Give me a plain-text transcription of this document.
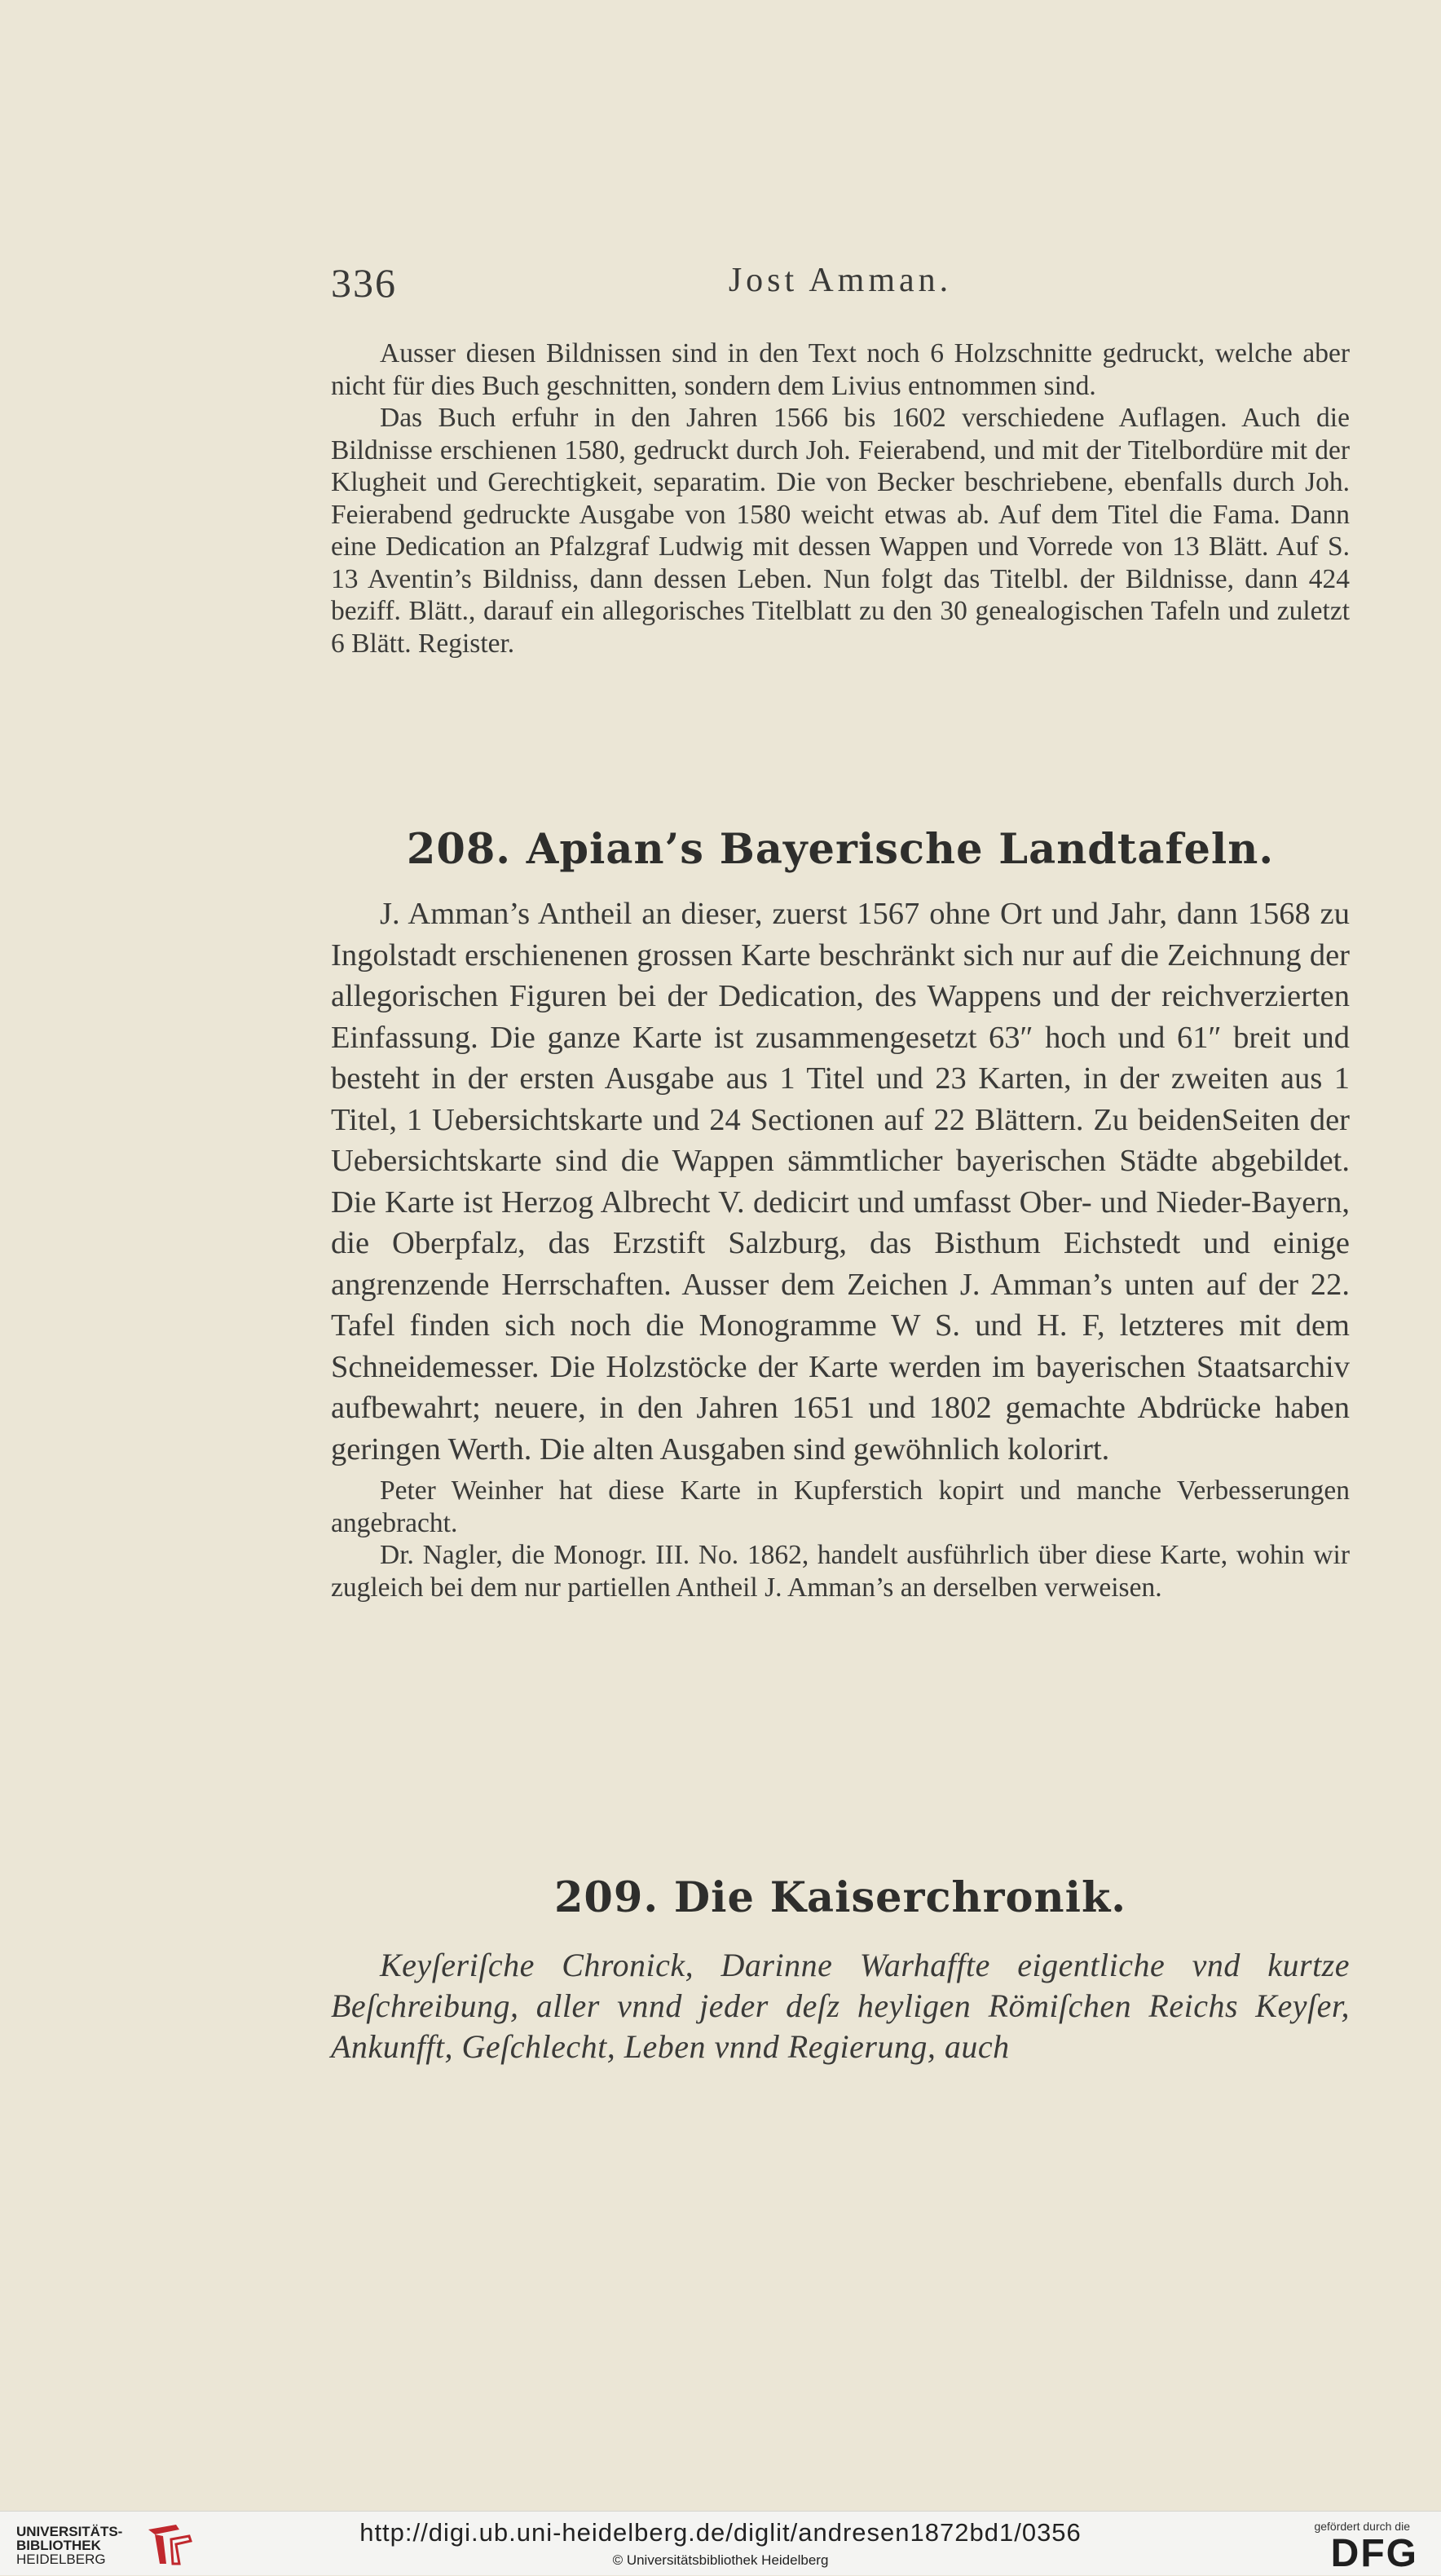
336	Jost Amman.

Ausser diesen Bildnissen sind in den Text noch 6 Holzschnitte gedruckt, welche aber nicht für dies Buch geschnitten, sondern dem Livius entnommen sind.

Das Buch erfuhr in den Jahren 1566 bis 1602 verschiedene Auflagen. Auch die Bildnisse erschienen 1580, gedruckt durch Joh. Feierabend, und mit der Titelbordüre mit der Klugheit und Gerechtigkeit, separatim. Die von Becker beschriebene, ebenfalls durch Joh. Feierabend gedruckte Ausgabe von 1580 weicht etwas ab. Auf dem Titel die Fama. Dann eine Dedication an Pfalzgraf Ludwig mit dessen Wappen und Vorrede von 13 Blätt. Auf S. 13 Aventin’s Bildniss, dann dessen Leben. Nun folgt das Titelbl. der Bildnisse, dann 424 beziff. Blätt., darauf ein allegorisches Titelblatt zu den 30 genealogischen Tafeln und zuletzt 6 Blätt. Register.

208. Apian’s Bayerische Landtafeln.

J. Amman’s Antheil an dieser, zuerst 1567 ohne Ort und Jahr, dann 1568 zu Ingolstadt erschienenen grossen Karte beschränkt sich nur auf die Zeichnung der allegorischen Figuren bei der Dedication, des Wappens und der reichverzierten Einfassung. Die ganze Karte ist zusammengesetzt 63″ hoch und 61″ breit und besteht in der ersten Ausgabe aus 1 Titel und 23 Karten, in der zweiten aus 1 Titel, 1 Uebersichtskarte und 24 Sectionen auf 22 Blättern. Zu beidenSeiten der Uebersichtskarte sind die Wappen sämmtlicher bayerischen Städte abgebildet. Die Karte ist Herzog Albrecht V. dedicirt und umfasst Ober- und Nieder-Bayern, die Oberpfalz, das Erzstift Salzburg, das Bisthum Eichstedt und einige angrenzende Herrschaften. Ausser dem Zeichen J. Amman’s unten auf der 22. Tafel finden sich noch die Monogramme W S. und H. F, letzteres mit dem Schneidemesser. Die Holzstöcke der Karte werden im bayerischen Staatsarchiv aufbewahrt; neuere, in den Jahren 1651 und 1802 gemachte Abdrücke haben geringen Werth. Die alten Ausgaben sind gewöhnlich kolorirt.

Peter Weinher hat diese Karte in Kupferstich kopirt und manche Verbesserungen angebracht.

Dr. Nagler, die Monogr. III. No. 1862, handelt ausführlich über diese Karte, wohin wir zugleich bei dem nur partiellen Antheil J. Amman’s an derselben verweisen.

209. Die Kaiserchronik.

Keyſeriſche Chronick, Darinne Warhaffte eigentliche vnd kurtze Beſchreibung, aller vnnd jeder deſz heyligen Römiſchen Reichs Keyſer, Ankunfft, Geſchlecht, Leben vnnd Regierung, auch

UNIVERSITÄTS-
BIBLIOTHEK
HEIDELBERG
http://digi.ub.uni-heidelberg.de/diglit/andresen1872bd1/0356
© Universitätsbibliothek Heidelberg
gefördert durch die
DFG
